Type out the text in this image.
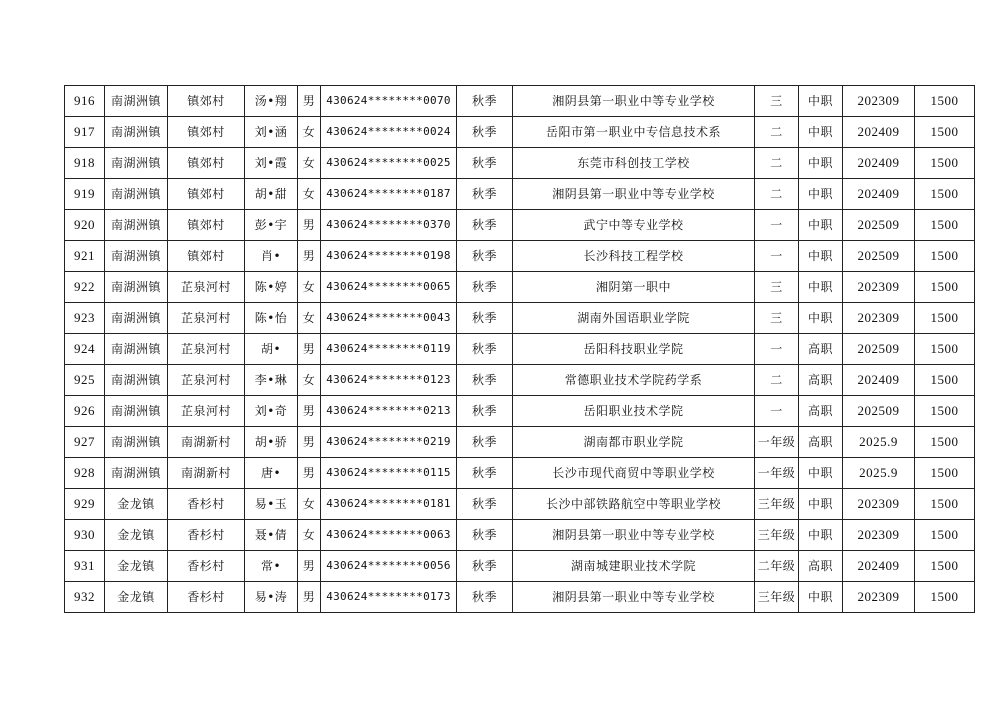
916	南湖洲镇	镇郊村	汤•翔	男	430624********0070	秋季	湘阴县第一职业中等专业学校	三	中职	202309	1500
917	南湖洲镇	镇郊村	刘•涵	女	430624********0024	秋季	岳阳市第一职业中专信息技术系	二	中职	202409	1500
918	南湖洲镇	镇郊村	刘•霞	女	430624********0025	秋季	东莞市科创技工学校	二	中职	202409	1500
919	南湖洲镇	镇郊村	胡•甜	女	430624********0187	秋季	湘阴县第一职业中等专业学校	二	中职	202409	1500
920	南湖洲镇	镇郊村	彭•宇	男	430624********0370	秋季	武宁中等专业学校	一	中职	202509	1500
921	南湖洲镇	镇郊村	肖•	男	430624********0198	秋季	长沙科技工程学校	一	中职	202509	1500
922	南湖洲镇	芷泉河村	陈•婷	女	430624********0065	秋季	湘阴第一职中	三	中职	202309	1500
923	南湖洲镇	芷泉河村	陈•怡	女	430624********0043	秋季	湖南外国语职业学院	三	中职	202309	1500
924	南湖洲镇	芷泉河村	胡•	男	430624********0119	秋季	岳阳科技职业学院	一	高职	202509	1500
925	南湖洲镇	芷泉河村	李•琳	女	430624********0123	秋季	常德职业技术学院药学系	二	高职	202409	1500
926	南湖洲镇	芷泉河村	刘•奇	男	430624********0213	秋季	岳阳职业技术学院	一	高职	202509	1500
927	南湖洲镇	南湖新村	胡•骄	男	430624********0219	秋季	湖南都市职业学院	一年级	高职	2025.9	1500
928	南湖洲镇	南湖新村	唐•	男	430624********0115	秋季	长沙市现代商贸中等职业学校	一年级	中职	2025.9	1500
929	金龙镇	香杉村	易•玉	女	430624********0181	秋季	长沙中部铁路航空中等职业学校	三年级	中职	202309	1500
930	金龙镇	香杉村	聂•倩	女	430624********0063	秋季	湘阴县第一职业中等专业学校	三年级	中职	202309	1500
931	金龙镇	香杉村	常•	男	430624********0056	秋季	湖南城建职业技术学院	二年级	高职	202409	1500
932	金龙镇	香杉村	易•涛	男	430624********0173	秋季	湘阴县第一职业中等专业学校	三年级	中职	202309	1500
